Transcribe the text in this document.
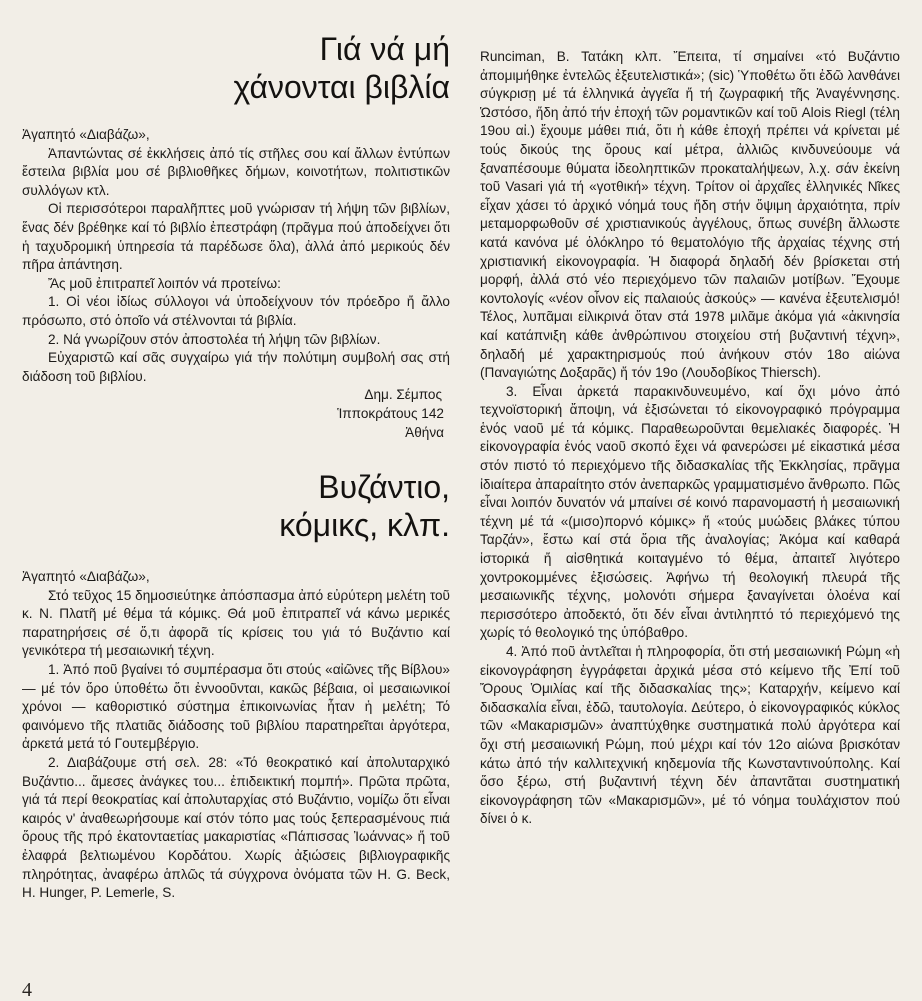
Γιά νά μή
χάνονται βιβλία

Ἀγαπητό «Διαβάζω»,

Ἀπαντώντας σέ ἐκκλήσεις ἀπό τίς στῆλες σου καί ἄλλων ἐντύπων ἔστειλα βιβλία μου σέ βιβλιοθῆκες δήμων, κοινοτήτων, πολιτιστικῶν συλλόγων κτλ.

Οἱ περισσότεροι παραλῆπτες μοῦ γνώρισαν τή λήψη τῶν βιβλίων, ἕνας δέν βρέθηκε καί τό βιβλίο ἐπεστράφη (πρᾶγμα πού ἀποδείχνει ὅτι ἡ ταχυδρομική ὑπηρεσία τά παρέδωσε ὅλα), ἀλλά ἀπό μερικούς δέν πῆρα ἀπάντηση.

Ἄς μοῦ ἐπιτραπεῖ λοιπόν νά προτείνω:

1. Οἱ νέοι ἰδίως σύλλογοι νά ὑποδείχνουν τόν πρόεδρο ἤ ἄλλο πρόσωπο, στό ὁποῖο νά στέλνονται τά βιβλία.

2. Νά γνωρίζουν στόν ἀποστολέα τή λήψη τῶν βιβλίων.

Εὐχαριστῶ καί σᾶς συγχαίρω γιά τήν πολύτιμη συμβολή σας στή διάδοση τοῦ βιβλίου.

Δημ. Σέμπος

Ἱπποκράτους 142

Ἀθήνα

Βυζάντιο,
κόμικς, κλπ.

Ἀγαπητό «Διαβάζω»,

Στό τεῦχος 15 δημοσιεύτηκε ἀπόσπασμα ἀπό εὐρύτερη μελέτη τοῦ κ. Ν. Πλατῆ μέ θέμα τά κόμικς. Θά μοῦ ἐπιτραπεῖ νά κάνω μερικές παρατηρήσεις σέ ὅ,τι ἀφορᾶ τίς κρίσεις του γιά τό Βυζάντιο καί γενικότερα τή μεσαιωνική τέχνη.

1. Ἀπό ποῦ βγαίνει τό συμπέρασμα ὅτι στούς «αἰῶνες τῆς Βίβλου» — μέ τόν ὅρο ὑποθέτω ὅτι ἐννοοῦνται, κακῶς βέβαια, οἱ μεσαιωνικοί χρόνοι — καθοριστικό σύστημα ἐπικοινωνίας ἦταν ἡ μελέτη; Τό φαινόμενο τῆς πλατιᾶς διάδοσης τοῦ βιβλίου παρατηρεῖται ἀργότερα, ἀρκετά μετά τό Γουτεμβέργιο.

2. Διαβάζουμε στή σελ. 28: «Τό θεοκρατικό καί ἀπολυταρχικό Βυζάντιο... ἄμεσες ἀνάγκες του... ἐπιδεικτική πομπή». Πρῶτα πρῶτα, γιά τά περί θεοκρατίας καί ἀπολυταρχίας στό Βυζάντιο, νομίζω ὅτι εἶναι καιρός ν' ἀναθεωρήσουμε καί στόν τόπο μας τούς ξεπερασμένους πιά ὅρους τῆς πρό ἑκατονταετίας μακαριστίας «Πάπισσας Ἰωάννας» ἤ τοῦ ἐλαφρά βελτιωμένου Κορδάτου. Χωρίς ἀξιώσεις βιβλιογραφικῆς πληρότητας, ἀναφέρω ἁπλῶς τά σύγχρονα ὀνόματα τῶν H. G. Beck, H. Hunger, P. Lemerle, S.

Runciman, Β. Τατάκη κλπ. Ἔπειτα, τί σημαίνει «τό Βυζάντιο ἀπομιμήθηκε ἐντελῶς ἐξευτελιστικά»; (sic) Ὑποθέτω ὅτι ἐδῶ λανθάνει σύγκρισῃ μέ τά ἑλληνικά ἀγγεῖα ἤ τή ζωγραφική τῆς Ἀναγέννησης. Ὡστόσο, ἤδη ἀπό τήν ἐποχή τῶν ρομαντικῶν καί τοῦ Alois Riegl (τέλη 19ου αἰ.) ἔχουμε μάθει πιά, ὅτι ἡ κάθε ἐποχή πρέπει νά κρίνεται μέ τούς δικούς της ὅρους καί μέτρα, ἀλλιῶς κινδυνεύουμε νά ξαναπέσουμε θύματα ἰδεοληπτικῶν προκαταλήψεων, λ.χ. σάν ἐκείνη τοῦ Vasari γιά τή «γοτθική» τέχνη. Τρίτον οἱ ἀρχαῖες ἑλληνικές Νῖκες εἶχαν χάσει τό ἀρχικό νόημά τους ἤδη στήν ὄψιμη ἀρχαιότητα, πρίν μεταμορφωθοῦν σέ χριστιανικούς ἀγγέλους, ὅπως συνέβη ἄλλωστε κατά κανόνα μέ ὁλόκληρο τό θεματολόγιο τῆς ἀρχαίας τέχνης στή χριστιανική εἰκονογραφία. Ἡ διαφορά δηλαδή δέν βρίσκεται στή μορφή, ἀλλά στό νέο περιεχόμενο τῶν παλαιῶν μοτίβων. Ἔχουμε κοντολογίς «νέον οἶνον εἰς παλαιούς ἀσκούς» — κανένα ἐξευτελισμό! Τέλος, λυπᾶμαι εἰλικρινά ὅταν στά 1978 μιλᾶμε ἀκόμα γιά «ἀκινησία καί κατάπνιξη κάθε ἀνθρώπινου στοιχείου στή βυζαντινή τέχνη», δηλαδή μέ χαρακτηρισμούς πού ἀνήκουν στόν 18ο αἰώνα (Παναγιώτης Δοξαρᾶς) ἤ τόν 19ο (Λουδοβίκος Thiersch).

3. Εἶναι ἀρκετά παρακινδυνευμένο, καί ὄχι μόνο ἀπό τεχνοϊστορική ἄποψη, νά ἐξισώνεται τό εἰκονογραφικό πρόγραμμα ἑνός ναοῦ μέ τά κόμικς. Παραθεωροῦνται θεμελιακές διαφορές. Ἡ εἰκονογραφία ἑνός ναοῦ σκοπό ἔχει νά φανερώσει μέ εἰκαστικά μέσα στόν πιστό τό περιεχόμενο τῆς διδασκαλίας τῆς Ἐκκλησίας, πρᾶγμα ἰδιαίτερα ἀπαραίτητο στόν ἀνεπαρκῶς γραμματισμένο ἄνθρωπο. Πῶς εἶναι λοιπόν δυνατόν νά μπαίνει σέ κοινό παρανομαστή ἡ μεσαιωνική τέχνη μέ τά «(μισο)πορνό κόμικς» ἤ «τούς μυώδεις βλάκες τύπου Ταρζάν», ἔστω καί στά ὅρια τῆς ἀναλογίας; Ἀκόμα καί καθαρά ἱστορικά ἤ αἰσθητικά κοιταγμένο τό θέμα, ἀπαιτεῖ λιγότερο χοντροκομμένες ἐξισώσεις. Ἀφήνω τή θεολογική πλευρά τῆς μεσαιωνικῆς τέχνης, μολονότι σήμερα ξαναγίνεται ὁλοένα καί περισσότερο ἀποδεκτό, ὅτι δέν εἶναι ἀντιληπτό τό περιεχόμενό της χωρίς τό θεολογικό της ὑπόβαθρο.

4. Ἀπό ποῦ ἀντλεῖται ἡ πληροφορία, ὅτι στή μεσαιωνική Ρώμη «ἡ εἰκονογράφηση ἐγγράφεται ἀρχικά μέσα στό κείμενο τῆς Ἐπί τοῦ Ὄρους Ὁμιλίας καί τῆς διδασκαλίας της»; Καταρχήν, κείμενο καί διδασκαλία εἶναι, ἐδῶ, ταυτολογία. Δεύτερο, ὁ εἰκονογραφικός κύκλος τῶν «Μακαρισμῶν» ἀναπτύχθηκε συστηματικά πολύ ἀργότερα καί ὄχι στή μεσαιωνική Ρώμη, πού μέχρι καί τόν 12ο αἰώνα βρισκόταν κάτω ἀπό τήν καλλιτεχνική κηδεμονία τῆς Κωνσταντινούπολης. Καί ὅσο ξέρω, στή βυζαντινή τέχνη δέν ἀπαντᾶται συστηματική εἰκονογράφηση τῶν «Μακαρισμῶν», μέ τό νόημα τουλάχιστον πού δίνει ὁ κ.

4
